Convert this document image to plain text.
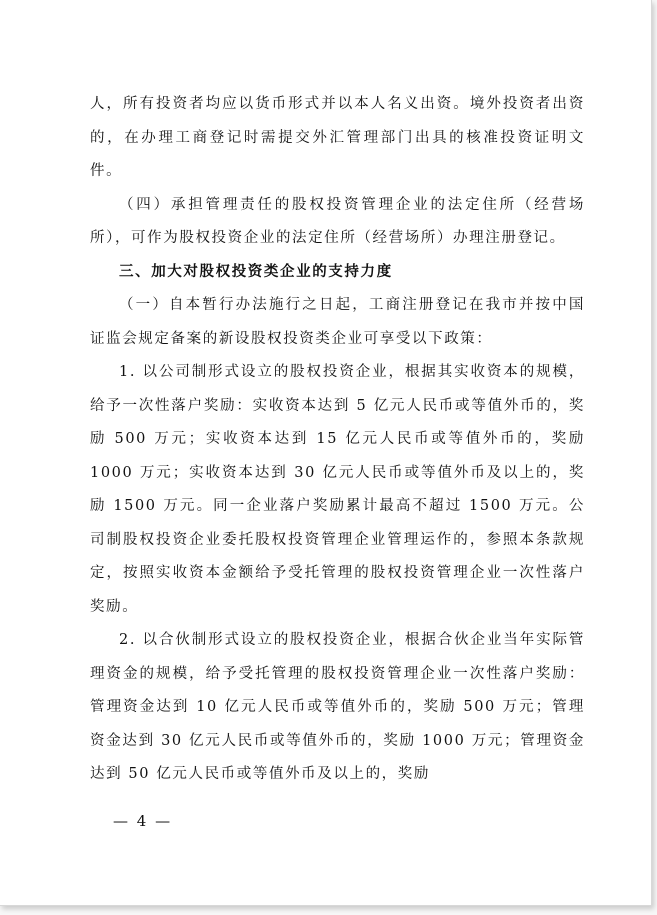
人，所有投资者均应以货币形式并以本人名义出资。境外投资者出资的，在办理工商登记时需提交外汇管理部门出具的核准投资证明文件。

（四）承担管理责任的股权投资管理企业的法定住所（经营场所），可作为股权投资企业的法定住所（经营场所）办理注册登记。

三、加大对股权投资类企业的支持力度

（一）自本暂行办法施行之日起，工商注册登记在我市并按中国证监会规定备案的新设股权投资类企业可享受以下政策：

1. 以公司制形式设立的股权投资企业，根据其实收资本的规模，给予一次性落户奖励：实收资本达到 5 亿元人民币或等值外币的，奖励 500 万元；实收资本达到 15 亿元人民币或等值外币的，奖励 1000 万元；实收资本达到 30 亿元人民币或等值外币及以上的，奖励 1500 万元。同一企业落户奖励累计最高不超过 1500 万元。公司制股权投资企业委托股权投资管理企业管理运作的，参照本条款规定，按照实收资本金额给予受托管理的股权投资管理企业一次性落户奖励。

2. 以合伙制形式设立的股权投资企业，根据合伙企业当年实际管理资金的规模，给予受托管理的股权投资管理企业一次性落户奖励：管理资金达到 10 亿元人民币或等值外币的，奖励 500 万元；管理资金达到 30 亿元人民币或等值外币的，奖励 1000 万元；管理资金达到 50 亿元人民币或等值外币及以上的，奖励

— 4 —
